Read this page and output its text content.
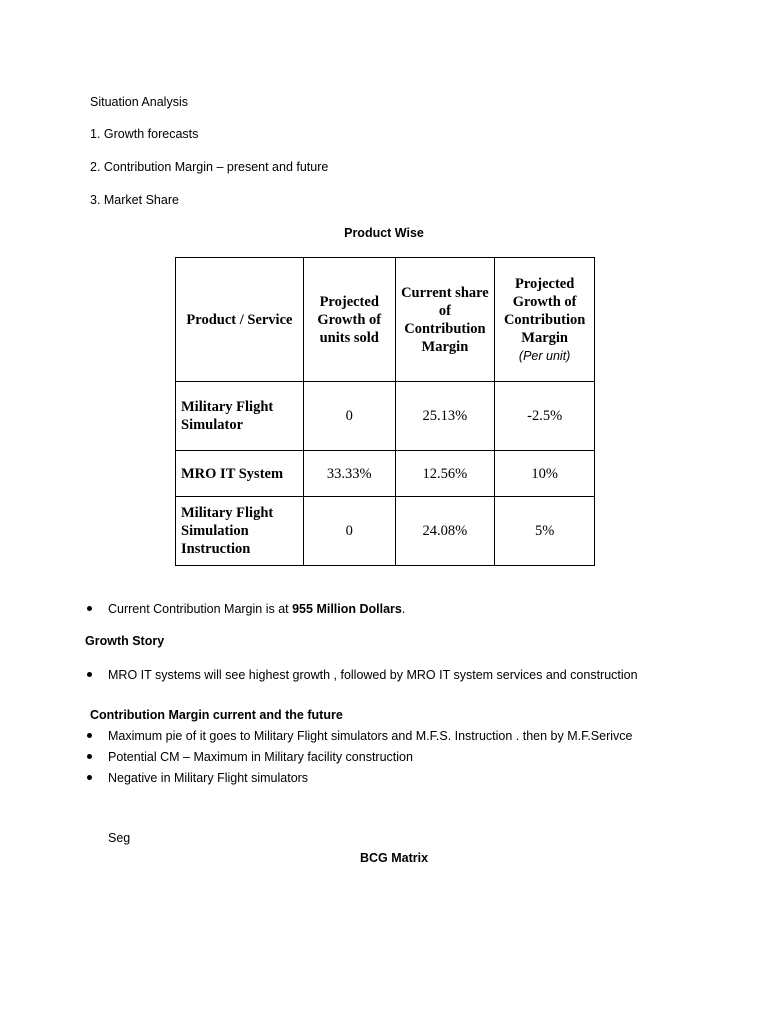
Situation Analysis
1. Growth forecasts
2. Contribution Margin – present and future
3. Market Share
Product Wise
Product / Service	Projected Growth of units sold	Current share of Contribution Margin	Projected Growth of Contribution Margin
(Per unit)

Military Flight Simulator	0	25.13%	-2.5%
MRO IT System	33.33%	12.56%	10%
Military Flight Simulation Instruction	0	24.08%	5%
Current Contribution Margin is at 955 Million Dollars.
Growth Story
MRO IT systems will see highest growth , followed by MRO IT system services and construction
Contribution Margin current and the future
Maximum pie of it goes to Military Flight simulators and M.F.S. Instruction . then by M.F.Serivce
Potential CM – Maximum in Military facility construction
Negative in Military Flight simulators
Seg
BCG Matrix
